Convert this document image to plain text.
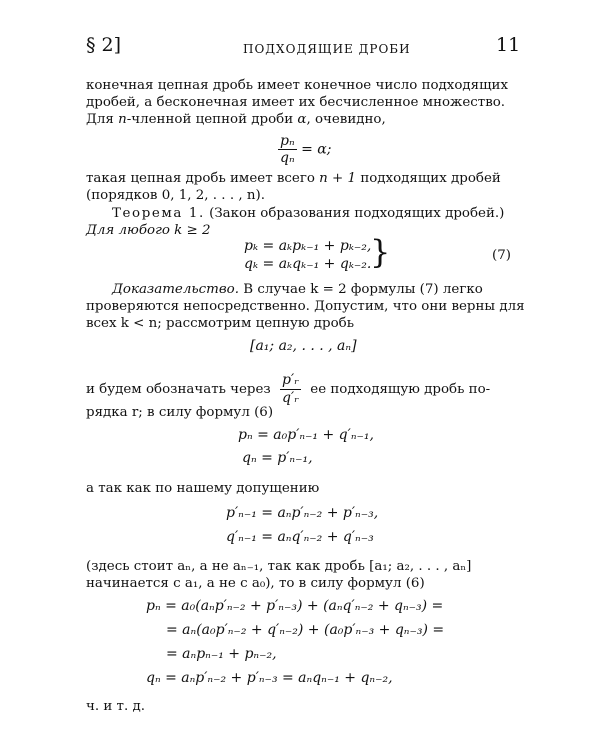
§ 2]	ПОДХОДЯЩИЕ ДРОБИ	11
конечная цепная дробь имеет конечное число подходящих
дробей, а бесконечная имеет их бесчисленное множество.
Для n-членной цепной дроби α, очевидно,
$\frac{\text{pₙ}}{\text{qₙ}} = \alpha$;
такая цепная дробь имеет всего n + 1 подходящих дробей
(порядков 0, 1, 2, . . . , n).
Теорема 1. (Закон образования подходящих дробей.)
Для любого k ≥ 2
pₖ = aₖpₖ₋₁ + pₖ₋₂,
qₖ = aₖqₖ₋₁ + qₖ₋₂.
}	(7)
Доказательство. В случае k = 2 формулы (7) легко
проверяются непосредственно. Допустим, что они верны для
всех k < n; рассмотрим цепную дробь
[a₁; a₂, . . . , aₙ]
и будем обозначать через $\frac{\text{p′ᵣ}}{\text{q′ᵣ}}$ ее подходящую дробь по-
рядка r; в силу формул (6)
pₙ = a₀p′ₙ₋₁ + q′ₙ₋₁,
qₙ = p′ₙ₋₁,
а так как по нашему допущению
p′ₙ₋₁ = aₙp′ₙ₋₂ + p′ₙ₋₃,
q′ₙ₋₁ = aₙq′ₙ₋₂ + q′ₙ₋₃
(здесь стоит aₙ, а не aₙ₋₁, так как дробь [a₁; a₂, . . . , aₙ]
начинается с a₁, а не с a₀), то в силу формул (6)
pₙ = a₀(aₙp′ₙ₋₂ + p′ₙ₋₃) + (aₙq′ₙ₋₂ + qₙ₋₃) =
= aₙ(a₀p′ₙ₋₂ + q′ₙ₋₂) + (a₀p′ₙ₋₃ + qₙ₋₃) =
= aₙpₙ₋₁ + pₙ₋₂,
qₙ = aₙp′ₙ₋₂ + p′ₙ₋₃ = aₙqₙ₋₁ + qₙ₋₂,
ч. и т. д.
